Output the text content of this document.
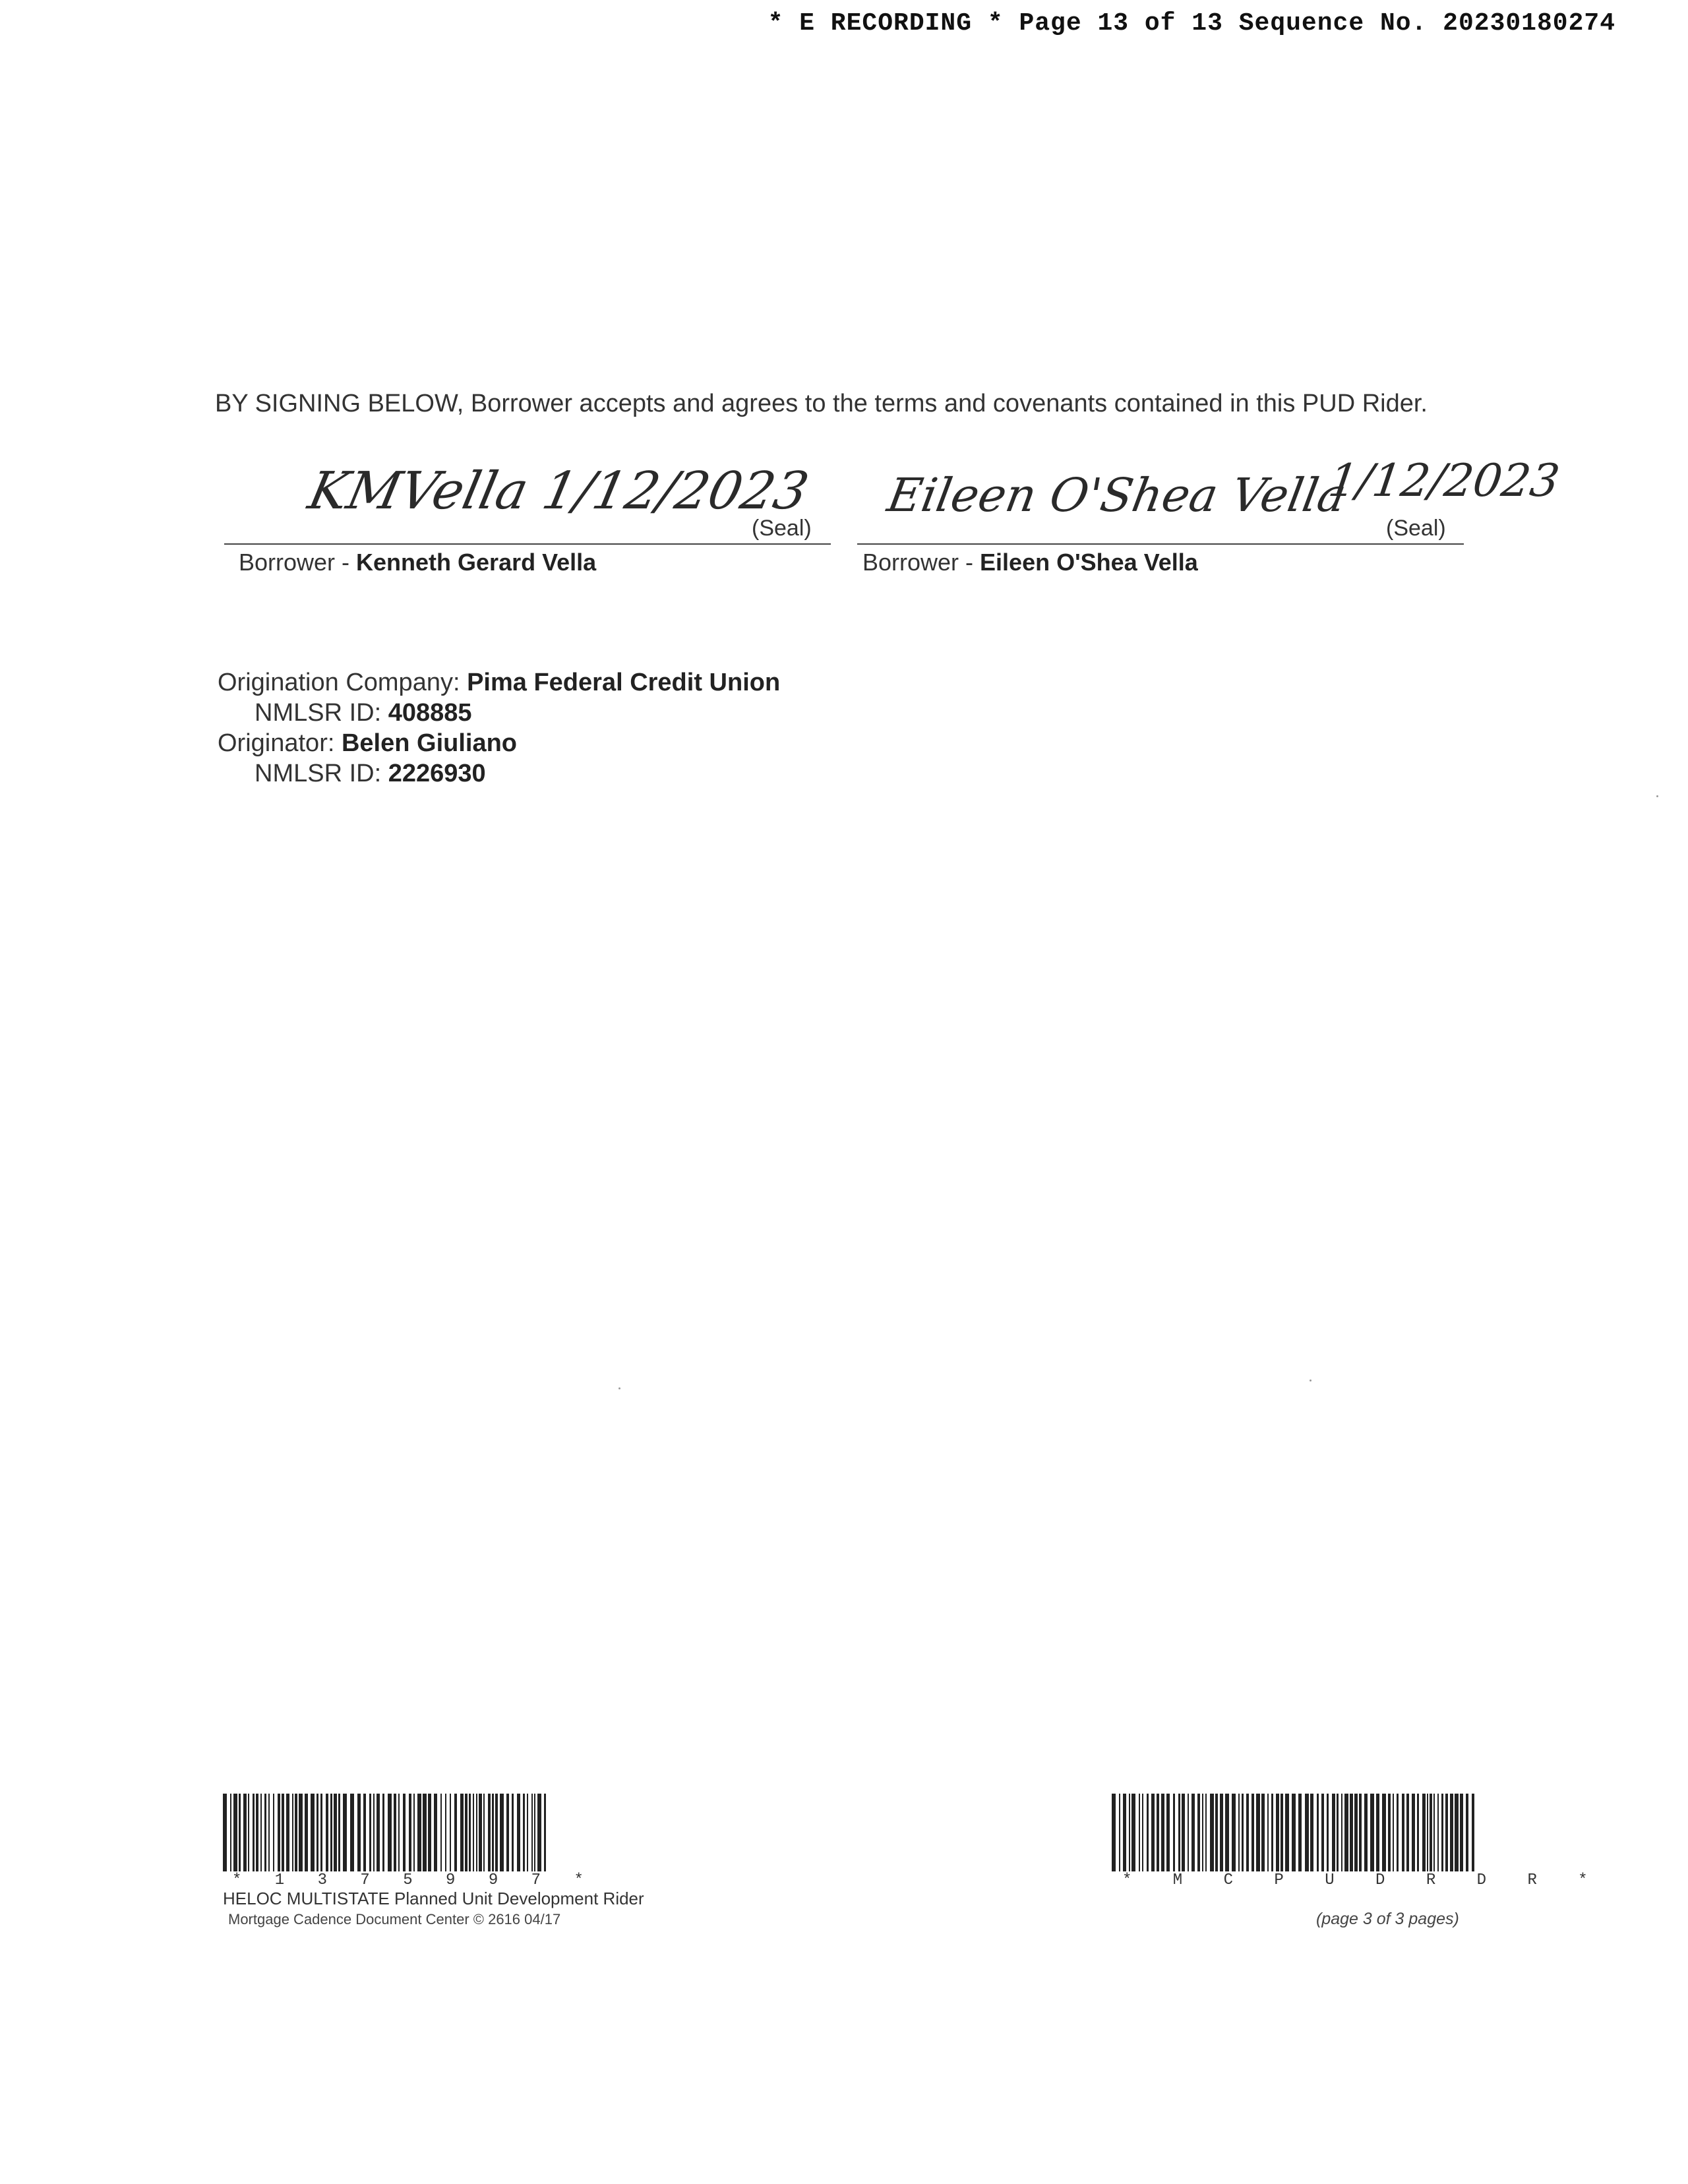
* E RECORDING * Page 13 of 13 Sequence No. 20230180274
BY SIGNING BELOW, Borrower accepts and agrees to the terms and covenants contained in this PUD Rider.
KMVella 1/12/2023
(Seal)
Borrower - Kenneth Gerard Vella
Eileen O'Shea Vella
1/12/2023
(Seal)
Borrower - Eileen O'Shea Vella
Origination Company: Pima Federal Credit Union
NMLSR ID: 408885
Originator: Belen Giuliano
NMLSR ID: 2226930
* 1 3 7 5 9 9 7 *
HELOC MULTISTATE Planned Unit Development Rider
Mortgage Cadence Document Center © 2616 04/17
* M C P U D R D R *
(page 3 of 3 pages)
